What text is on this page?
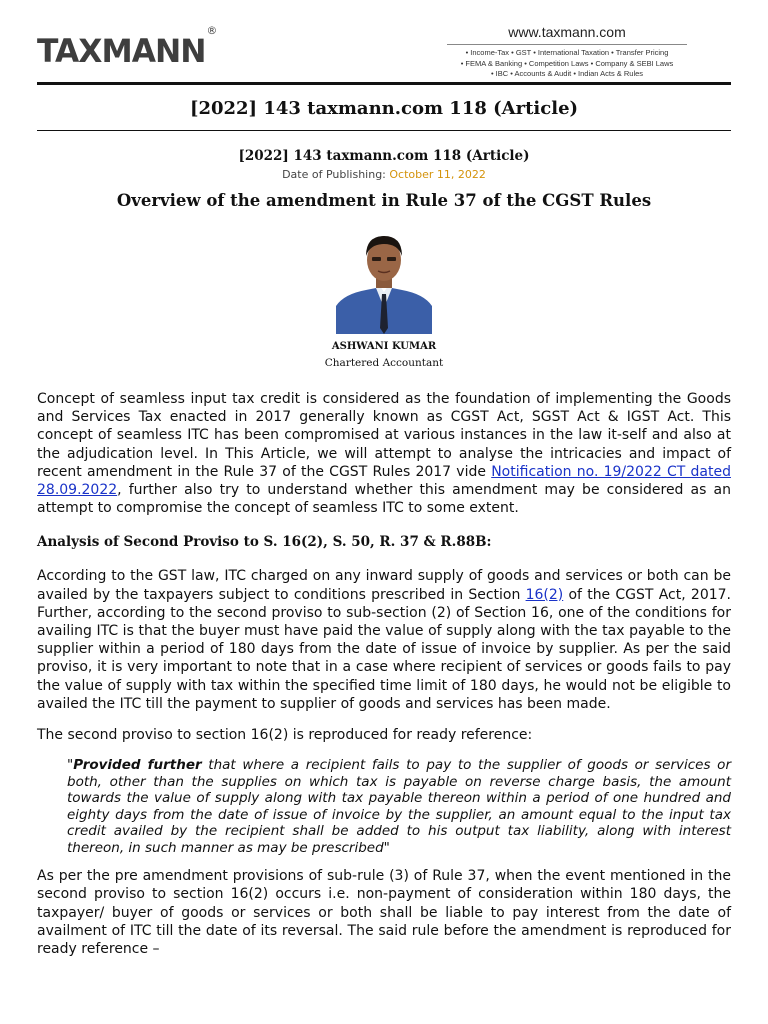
TAXMANN®	www.taxmann.com
• Income-Tax • GST • International Taxation • Transfer Pricing
• FEMA & Banking • Competition Laws • Company & SEBI Laws
• IBC • Accounts & Audit • Indian Acts & Rules
[2022] 143 taxmann.com 118 (Article)
[2022] 143 taxmann.com 118 (Article)
Date of Publishing: October 11, 2022
Overview of the amendment in Rule 37 of the CGST Rules
ASHWANI KUMAR
Chartered Accountant

Concept of seamless input tax credit is considered as the foundation of implementing the Goods and Services Tax enacted in 2017 generally known as CGST Act, SGST Act & IGST Act. This concept of seamless ITC has been compromised at various instances in the law it-self and also at the adjudication level. In This Article, we will attempt to analyse the intricacies and impact of recent amendment in the Rule 37 of the CGST Rules 2017 vide Notification no. 19/2022 CT dated 28.09.2022, further also try to understand whether this amendment may be considered as an attempt to compromise the concept of seamless ITC to some extent.

Analysis of Second Proviso to S. 16(2), S. 50, R. 37 & R.88B:

According to the GST law, ITC charged on any inward supply of goods and services or both can be availed by the taxpayers subject to conditions prescribed in Section 16(2) of the CGST Act, 2017. Further, according to the second proviso to sub-section (2) of Section 16, one of the conditions for availing ITC is that the buyer must have paid the value of supply along with the tax payable to the supplier within a period of 180 days from the date of issue of invoice by supplier. As per the said proviso, it is very important to note that in a case where recipient of services or goods fails to pay the value of supply with tax within the specified time limit of 180 days, he would not be eligible to availed the ITC till the payment to supplier of goods and services has been made.

The second proviso to section 16(2) is reproduced for ready reference:

"Provided further that where a recipient fails to pay to the supplier of goods or services or both, other than the supplies on which tax is payable on reverse charge basis, the amount towards the value of supply along with tax payable thereon within a period of one hundred and eighty days from the date of issue of invoice by the supplier, an amount equal to the input tax credit availed by the recipient shall be added to his output tax liability, along with interest thereon, in such manner as may be prescribed"

As per the pre amendment provisions of sub-rule (3) of Rule 37, when the event mentioned in the second proviso to section 16(2) occurs i.e. non-payment of consideration within 180 days, the taxpayer/ buyer of goods or services or both shall be liable to pay interest from the date of availment of ITC till the date of its reversal. The said rule before the amendment is reproduced for ready reference –
